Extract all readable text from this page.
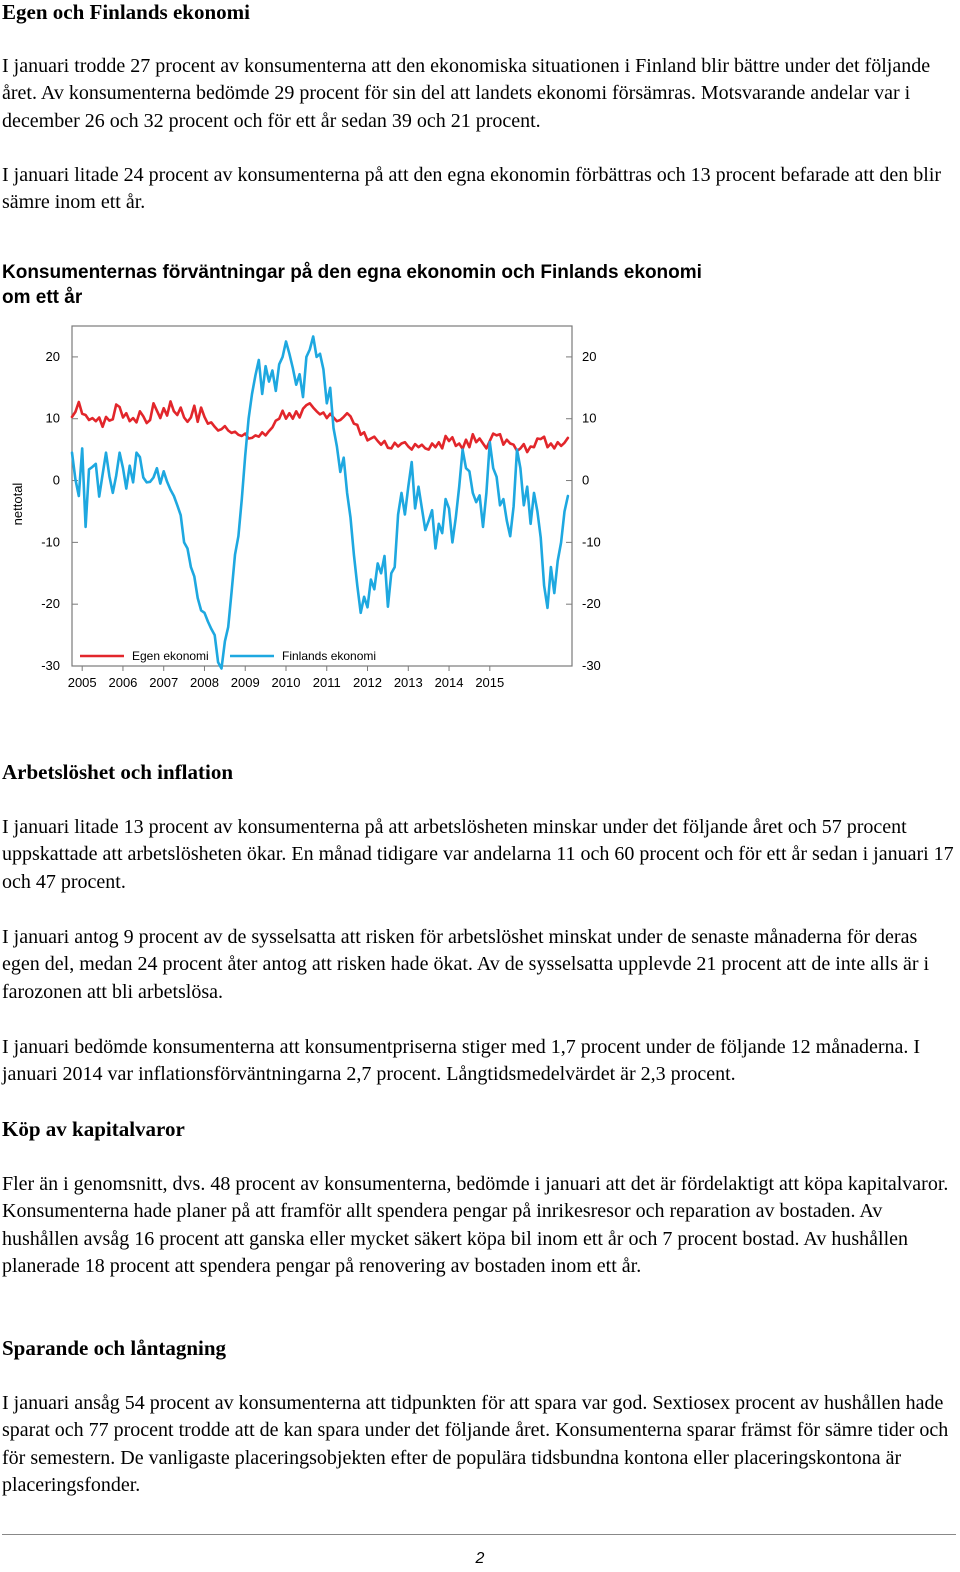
Egen och Finlands ekonomi
I januari trodde 27 procent av konsumenterna att den ekonomiska situationen i Finland blir bättre under det följande året. Av konsumenterna bedömde 29 procent för sin del att landets ekonomi försämras. Motsvarande andelar var i december 26 och 32 procent och för ett år sedan 39 och 21 procent.
I januari litade 24 procent av konsumenterna på att den egna ekonomin förbättras och 13 procent befarade att den blir sämre inom ett år.
Konsumenternas förväntningar på den egna ekonomin och Finlands ekonomi om ett år
20	20
10	10
0	0
-10	-10
-20	-20
-30	-30
2005 2006 2007 2008 2009 2010 2011 2012 2013 2014 2015
nettotal
Egen ekonomi	Finlands ekonomi
Arbetslöshet och inflation
I januari litade 13 procent av konsumenterna på att arbetslösheten minskar under det följande året och 57 procent uppskattade att arbetslösheten ökar. En månad tidigare var andelarna 11 och 60 procent och för ett år sedan i januari 17 och 47 procent.
I januari antog 9 procent av de sysselsatta att risken för arbetslöshet minskat under de senaste månaderna för deras egen del, medan 24 procent åter antog att risken hade ökat. Av de sysselsatta upplevde 21 procent att de inte alls är i farozonen att bli arbetslösa.
I januari bedömde konsumenterna att konsumentpriserna stiger med 1,7 procent under de följande 12 månaderna. I januari 2014 var inflationsförväntningarna 2,7 procent. Långtidsmedelvärdet är 2,3 procent.
Köp av kapitalvaror
Fler än i genomsnitt, dvs. 48 procent av konsumenterna, bedömde i januari att det är fördelaktigt att köpa kapitalvaror. Konsumenterna hade planer på att framför allt spendera pengar på inrikesresor och reparation av bostaden. Av hushållen avsåg 16 procent att ganska eller mycket säkert köpa bil inom ett år och 7 procent bostad. Av hushållen planerade 18 procent att spendera pengar på renovering av bostaden inom ett år.
Sparande och låntagning
I januari ansåg 54 procent av konsumenterna att tidpunkten för att spara var god. Sextiosex procent av hushållen hade sparat och 77 procent trodde att de kan spara under det följande året. Konsumenterna sparar främst för sämre tider och för semestern. De vanligaste placeringsobjekten efter de populära tidsbundna kontona eller placeringskontona är placeringsfonder.
2
